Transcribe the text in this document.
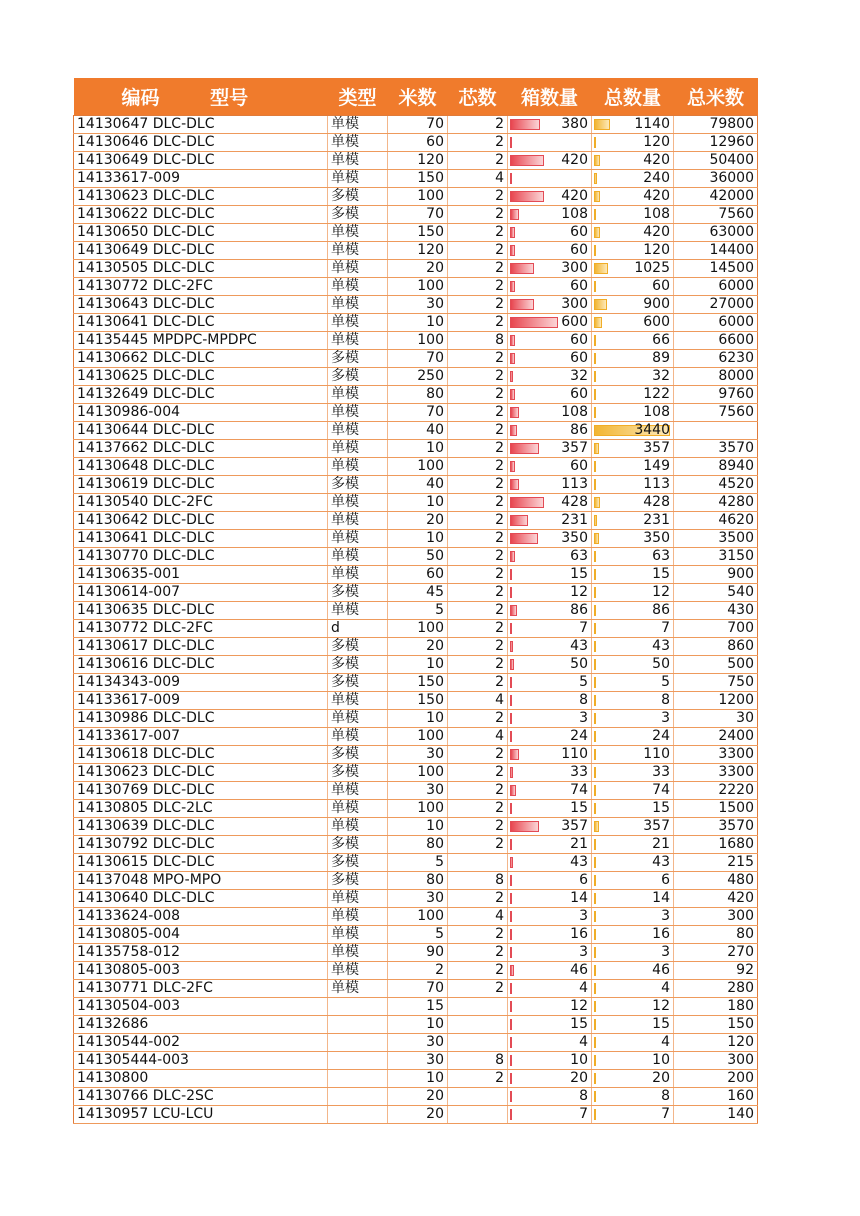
编码 型号	类型	米数	芯数	箱数量	总数量	总米数
14130647 DLC-DLC	单模	70	2	380	1140	79800
14130646 DLC-DLC	单模	60	2		120	12960
14130649 DLC-DLC	单模	120	2	420	420	50400
14133617-009	单模	150	4		240	36000
14130623 DLC-DLC	多模	100	2	420	420	42000
14130622 DLC-DLC	多模	70	2	108	108	7560
14130650 DLC-DLC	单模	150	2	60	420	63000
14130649 DLC-DLC	单模	120	2	60	120	14400
14130505 DLC-DLC	单模	20	2	300	1025	14500
14130772 DLC-2FC	单模	100	2	60	60	6000
14130643 DLC-DLC	单模	30	2	300	900	27000
14130641 DLC-DLC	单模	10	2	600	600	6000
14135445 MPDPC-MPDPC	单模	100	8	60	66	6600
14130662 DLC-DLC	多模	70	2	60	89	6230
14130625 DLC-DLC	多模	250	2	32	32	8000
14132649 DLC-DLC	单模	80	2	60	122	9760
14130986-004	单模	70	2	108	108	7560
14130644 DLC-DLC	单模	40	2	86	3440	
14137662 DLC-DLC	单模	10	2	357	357	3570
14130648 DLC-DLC	单模	100	2	60	149	8940
14130619 DLC-DLC	多模	40	2	113	113	4520
14130540 DLC-2FC	单模	10	2	428	428	4280
14130642 DLC-DLC	单模	20	2	231	231	4620
14130641 DLC-DLC	单模	10	2	350	350	3500
14130770 DLC-DLC	单模	50	2	63	63	3150
14130635-001	单模	60	2	15	15	900
14130614-007	多模	45	2	12	12	540
14130635 DLC-DLC	单模	5	2	86	86	430
14130772 DLC-2FC	d	100	2	7	7	700
14130617 DLC-DLC	多模	20	2	43	43	860
14130616 DLC-DLC	多模	10	2	50	50	500
14134343-009	多模	150	2	5	5	750
14133617-009	单模	150	4	8	8	1200
14130986 DLC-DLC	单模	10	2	3	3	30
14133617-007	单模	100	4	24	24	2400
14130618 DLC-DLC	多模	30	2	110	110	3300
14130623 DLC-DLC	多模	100	2	33	33	3300
14130769 DLC-DLC	单模	30	2	74	74	2220
14130805 DLC-2LC	单模	100	2	15	15	1500
14130639 DLC-DLC	单模	10	2	357	357	3570
14130792 DLC-DLC	多模	80	2	21	21	1680
14130615 DLC-DLC	多模	5		43	43	215
14137048 MPO-MPO	多模	80	8	6	6	480
14130640 DLC-DLC	单模	30	2	14	14	420
14133624-008	单模	100	4	3	3	300
14130805-004	单模	5	2	16	16	80
14135758-012	单模	90	2	3	3	270
14130805-003	单模	2	2	46	46	92
14130771 DLC-2FC	单模	70	2	4	4	280
14130504-003		15		12	12	180
14132686		10		15	15	150
14130544-002		30		4	4	120
141305444-003		30	8	10	10	300
14130800		10	2	20	20	200
14130766 DLC-2SC		20		8	8	160
14130957 LCU-LCU		20		7	7	140
